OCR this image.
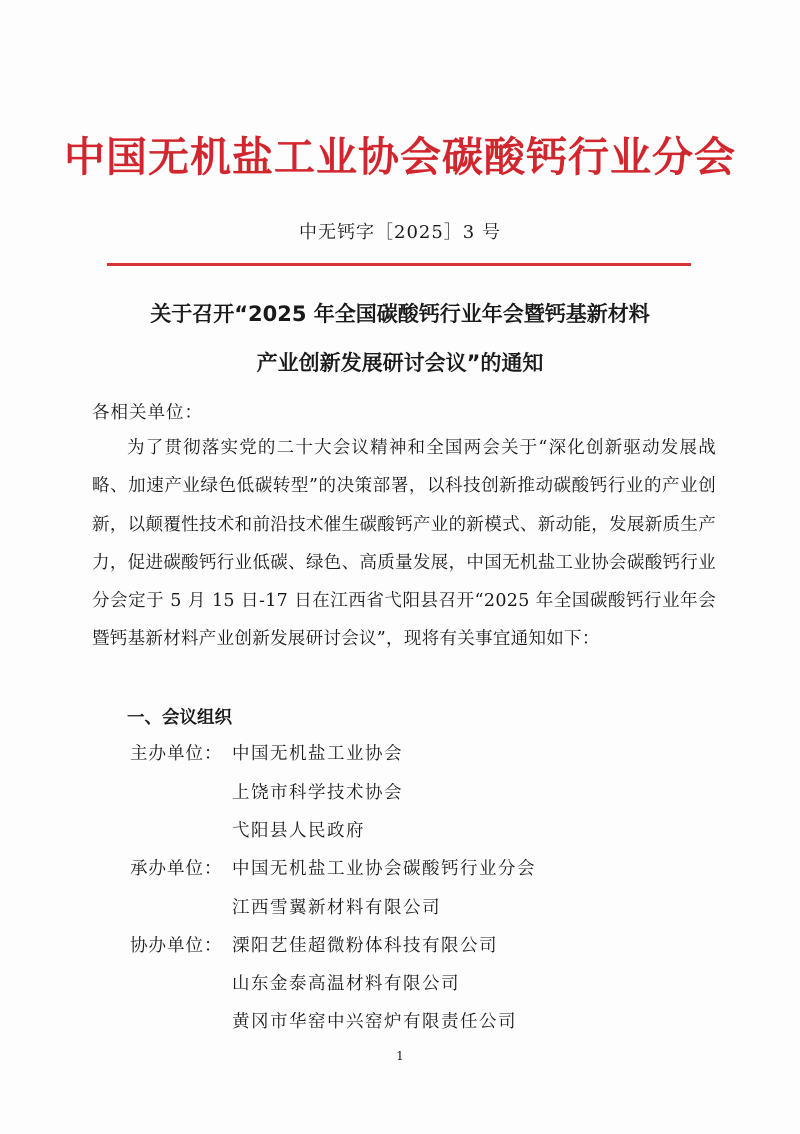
中国无机盐工业协会碳酸钙行业分会
中无钙字［2025］3 号
关于召开“2025 年全国碳酸钙行业年会暨钙基新材料
产业创新发展研讨会议”的通知
各相关单位：
为了贯彻落实党的二十大会议精神和全国两会关于“深化创新驱动发展战略、加速产业绿色低碳转型”的决策部署，以科技创新推动碳酸钙行业的产业创新，以颠覆性技术和前沿技术催生碳酸钙产业的新模式、新动能，发展新质生产力，促进碳酸钙行业低碳、绿色、高质量发展，中国无机盐工业协会碳酸钙行业分会定于 5 月 15 日-17 日在江西省弋阳县召开“2025 年全国碳酸钙行业年会暨钙基新材料产业创新发展研讨会议”，现将有关事宜通知如下：
一、会议组织
主办单位： 中国无机盐工业协会
上饶市科学技术协会
弋阳县人民政府
承办单位： 中国无机盐工业协会碳酸钙行业分会
江西雪翼新材料有限公司
协办单位： 溧阳艺佳超微粉体科技有限公司
山东金泰高温材料有限公司
黄冈市华窑中兴窑炉有限责任公司
1
